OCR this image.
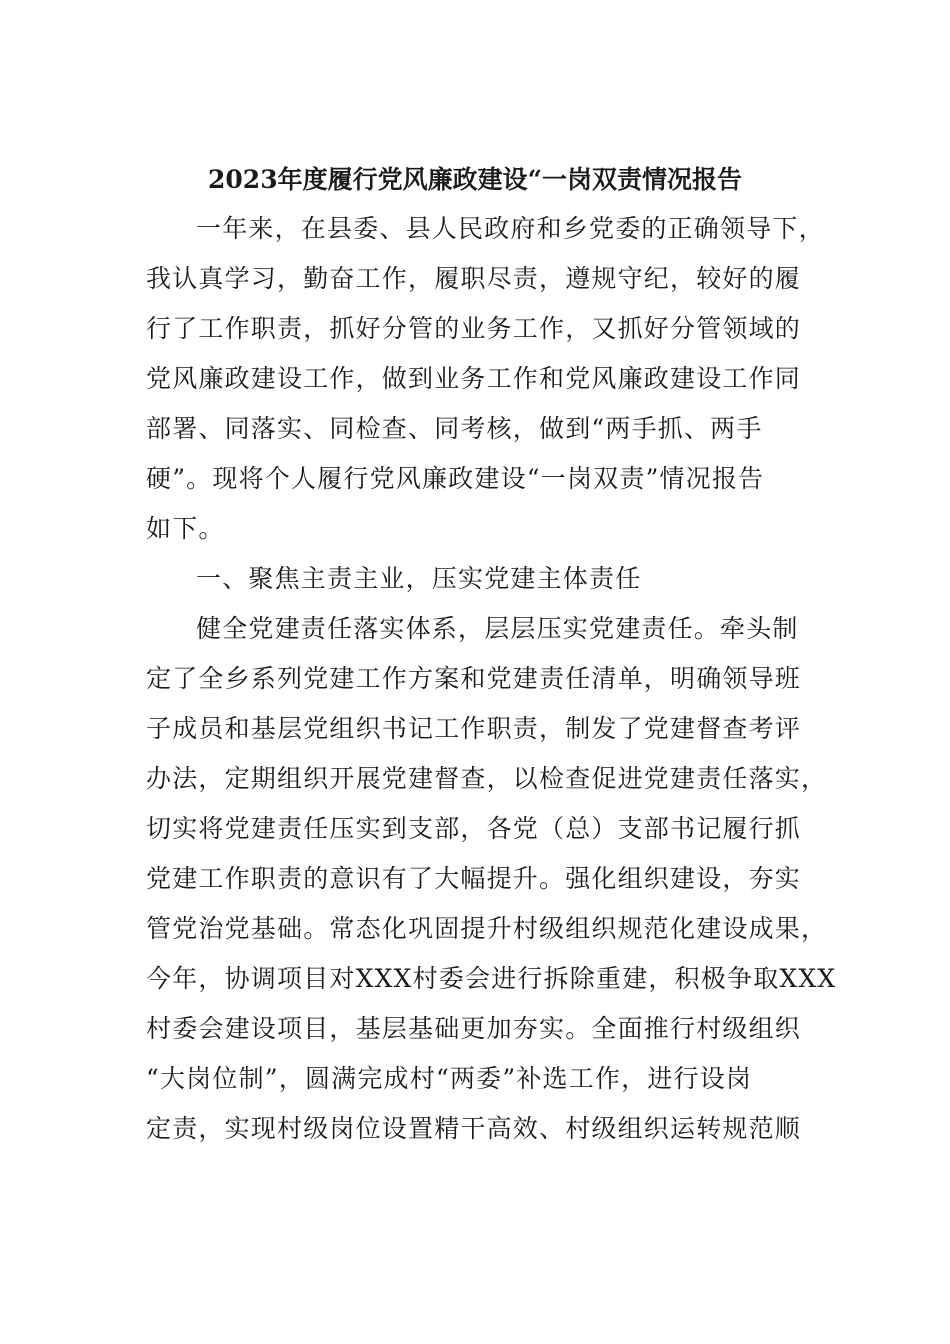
2023年度履行党风廉政建设“一岗双责情况报告

一年来，在县委、县人民政府和乡党委的正确领导下，
我认真学习，勤奋工作，履职尽责，遵规守纪，较好的履
行了工作职责，抓好分管的业务工作，又抓好分管领域的
党风廉政建设工作，做到业务工作和党风廉政建设工作同
部署、同落实、同检查、同考核，做到“两手抓、两手
硬”。现将个人履行党风廉政建设“一岗双责”情况报告
如下。

一、聚焦主责主业，压实党建主体责任

健全党建责任落实体系，层层压实党建责任。牵头制
定了全乡系列党建工作方案和党建责任清单，明确领导班
子成员和基层党组织书记工作职责，制发了党建督查考评
办法，定期组织开展党建督查，以检查促进党建责任落实，
切实将党建责任压实到支部，各党（总）支部书记履行抓
党建工作职责的意识有了大幅提升。强化组织建设，夯实
管党治党基础。常态化巩固提升村级组织规范化建设成果，
今年，协调项目对XXX村委会进行拆除重建，积极争取XXX
村委会建设项目，基层基础更加夯实。全面推行村级组织
“大岗位制”，圆满完成村“两委”补选工作，进行设岗
定责，实现村级岗位设置精干高效、村级组织运转规范顺
